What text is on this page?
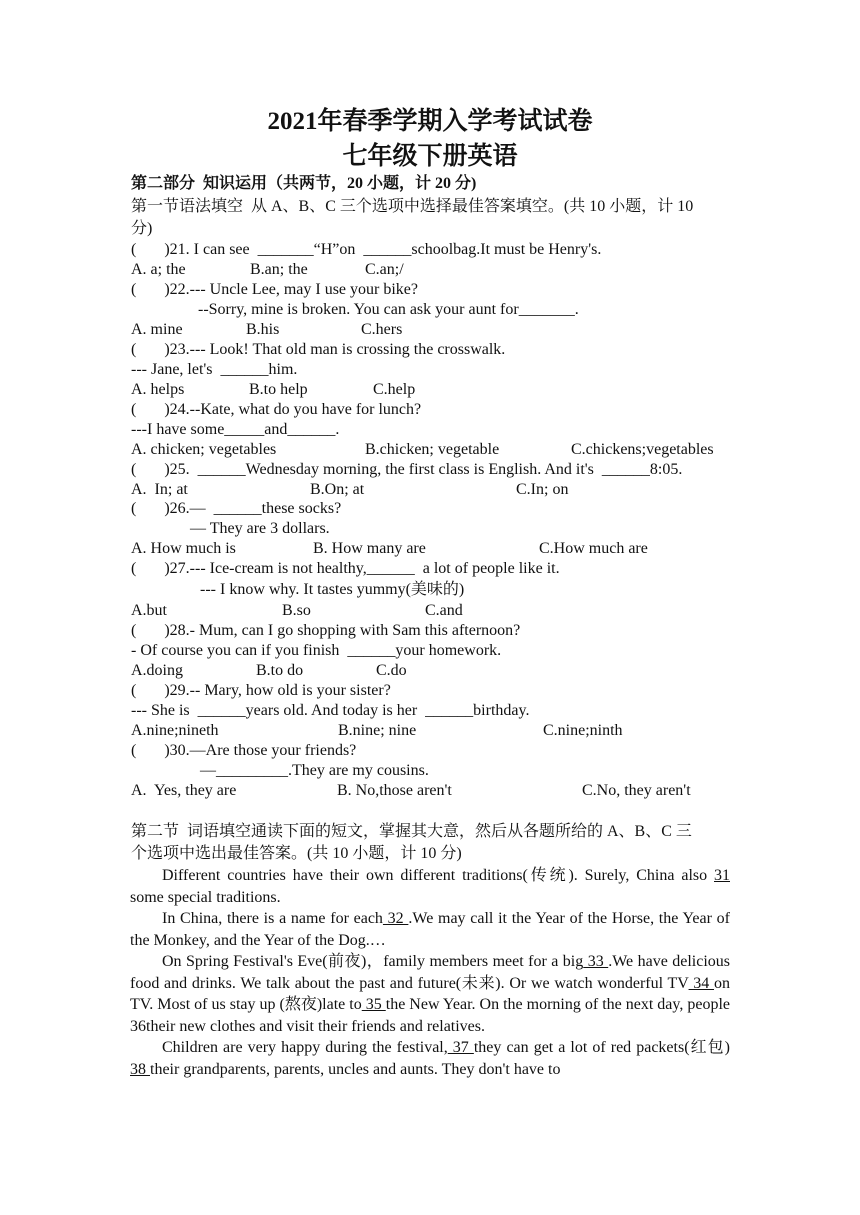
2021年春季学期入学考试试卷
七年级下册英语
第二部分  知识运用（共两节，20 小题，计 20 分)
第一节语法填空  从 A、B、C 三个选项中选择最佳答案填空。(共 10 小题，计 10
分)
(       )21. I can see  _______“H”on  ______schoolbag.It must be Henry's.
A. a; the	B.an; the	C.an;/
(       )22.--- Uncle Lee, may I use your bike?
--Sorry, mine is broken. You can ask your aunt for_______.
A. mine	B.his	C.hers
(       )23.--- Look! That old man is crossing the crosswalk.
--- Jane, let's  ______him.
A. helps	B.to help	C.help
(       )24.--Kate, what do you have for lunch?
---I have some_____and______.
A. chicken; vegetables	B.chicken; vegetable	C.chickens;vegetables
(       )25.  ______Wednesday morning, the first class is English. And it's  ______8:05.
A.  In; at	B.On; at	C.In; on
(       )26.—  ______these socks?
— They are 3 dollars.
A. How much is	B. How many are	C.How much are
(       )27.--- Ice-cream is not healthy,______  a lot of people like it.
--- I know why. It tastes yummy(美味的)
A.but	B.so	C.and
(       )28.- Mum, can I go shopping with Sam this afternoon?
- Of course you can if you finish  ______your homework.
A.doing	B.to do	C.do
(       )29.-- Mary, how old is your sister?
--- She is  ______years old. And today is her  ______birthday.
A.nine;nineth	B.nine; nine	C.nine;ninth
(       )30.—Are those your friends?
—_________.They are my cousins.
A.  Yes, they are	B. No,those aren't	C.No, they aren't
第二节  词语填空通读下面的短文，掌握其大意，然后从各题所给的 A、B、C 三
个选项中选出最佳答案。(共 10 小题，计 10 分)

Different countries have their own different traditions(传统). Surely, China also 31 some special traditions.

In China, there is a name for each 32 .We may call it the Year of the Horse, the Year of the Monkey, and the Year of the Dog.…

On Spring Festival's Eve(前夜)，family members meet for a big 33 .We have delicious food and drinks. We talk about the past and future(未来). Or we watch wonderful TV 34 on TV. Most of us stay up (熬夜)late to 35 the New Year. On the morning of the next day, people 36their new clothes and visit their friends and relatives.

Children are very happy during the festival, 37 they can get a lot of red packets(红包) 38 their grandparents, parents, uncles and aunts. They don't have to
